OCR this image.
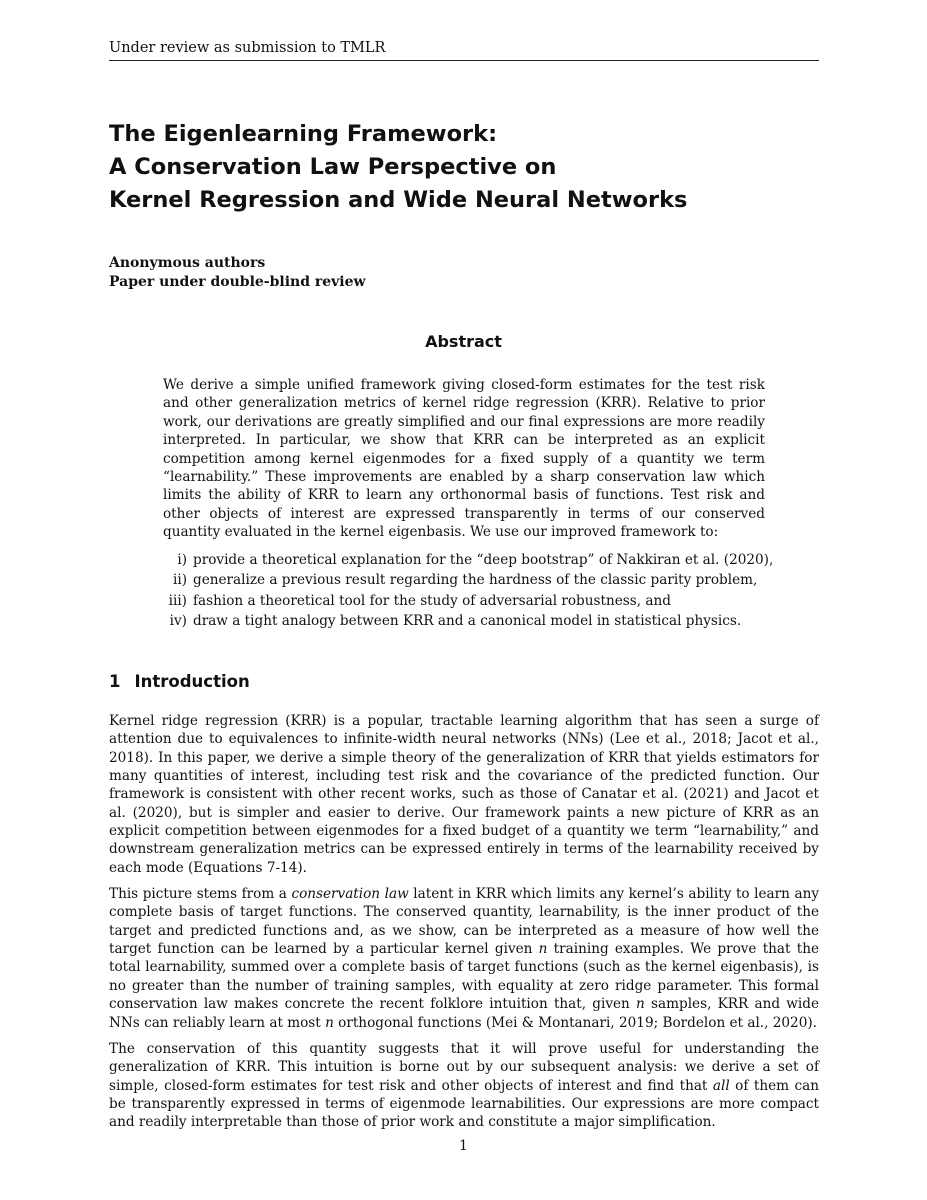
Under review as submission to TMLR
The Eigenlearning Framework:
A Conservation Law Perspective on
Kernel Regression and Wide Neural Networks
Anonymous authors
Paper under double-blind review
Abstract

We derive a simple unified framework giving closed-form estimates for the test risk and other generalization metrics of kernel ridge regression (KRR). Relative to prior work, our derivations are greatly simplified and our final expressions are more readily interpreted. In particular, we show that KRR can be interpreted as an explicit competition among kernel eigenmodes for a fixed supply of a quantity we term “learnability.” These improvements are enabled by a sharp conservation law which limits the ability of KRR to learn any orthonormal basis of functions. Test risk and other objects of interest are expressed transparently in terms of our conserved quantity evaluated in the kernel eigenbasis. We use our improved framework to:

i) provide a theoretical explanation for the “deep bootstrap” of Nakkiran et al. (2020),
ii) generalize a previous result regarding the hardness of the classic parity problem,
iii) fashion a theoretical tool for the study of adversarial robustness, and
iv) draw a tight analogy between KRR and a canonical model in statistical physics.
1 Introduction

Kernel ridge regression (KRR) is a popular, tractable learning algorithm that has seen a surge of attention due to equivalences to infinite-width neural networks (NNs) (Lee et al., 2018; Jacot et al., 2018). In this paper, we derive a simple theory of the generalization of KRR that yields estimators for many quantities of interest, including test risk and the covariance of the predicted function. Our framework is consistent with other recent works, such as those of Canatar et al. (2021) and Jacot et al. (2020), but is simpler and easier to derive. Our framework paints a new picture of KRR as an explicit competition between eigenmodes for a fixed budget of a quantity we term “learnability,” and downstream generalization metrics can be expressed entirely in terms of the learnability received by each mode (Equations 7-14).

This picture stems from a conservation law latent in KRR which limits any kernel’s ability to learn any complete basis of target functions. The conserved quantity, learnability, is the inner product of the target and predicted functions and, as we show, can be interpreted as a measure of how well the target function can be learned by a particular kernel given n training examples. We prove that the total learnability, summed over a complete basis of target functions (such as the kernel eigenbasis), is no greater than the number of training samples, with equality at zero ridge parameter. This formal conservation law makes concrete the recent folklore intuition that, given n samples, KRR and wide NNs can reliably learn at most n orthogonal functions (Mei & Montanari, 2019; Bordelon et al., 2020).

The conservation of this quantity suggests that it will prove useful for understanding the generalization of KRR. This intuition is borne out by our subsequent analysis: we derive a set of simple, closed-form estimates for test risk and other objects of interest and find that all of them can be transparently expressed in terms of eigenmode learnabilities. Our expressions are more compact and readily interpretable than those of prior work and constitute a major simplification.

1
